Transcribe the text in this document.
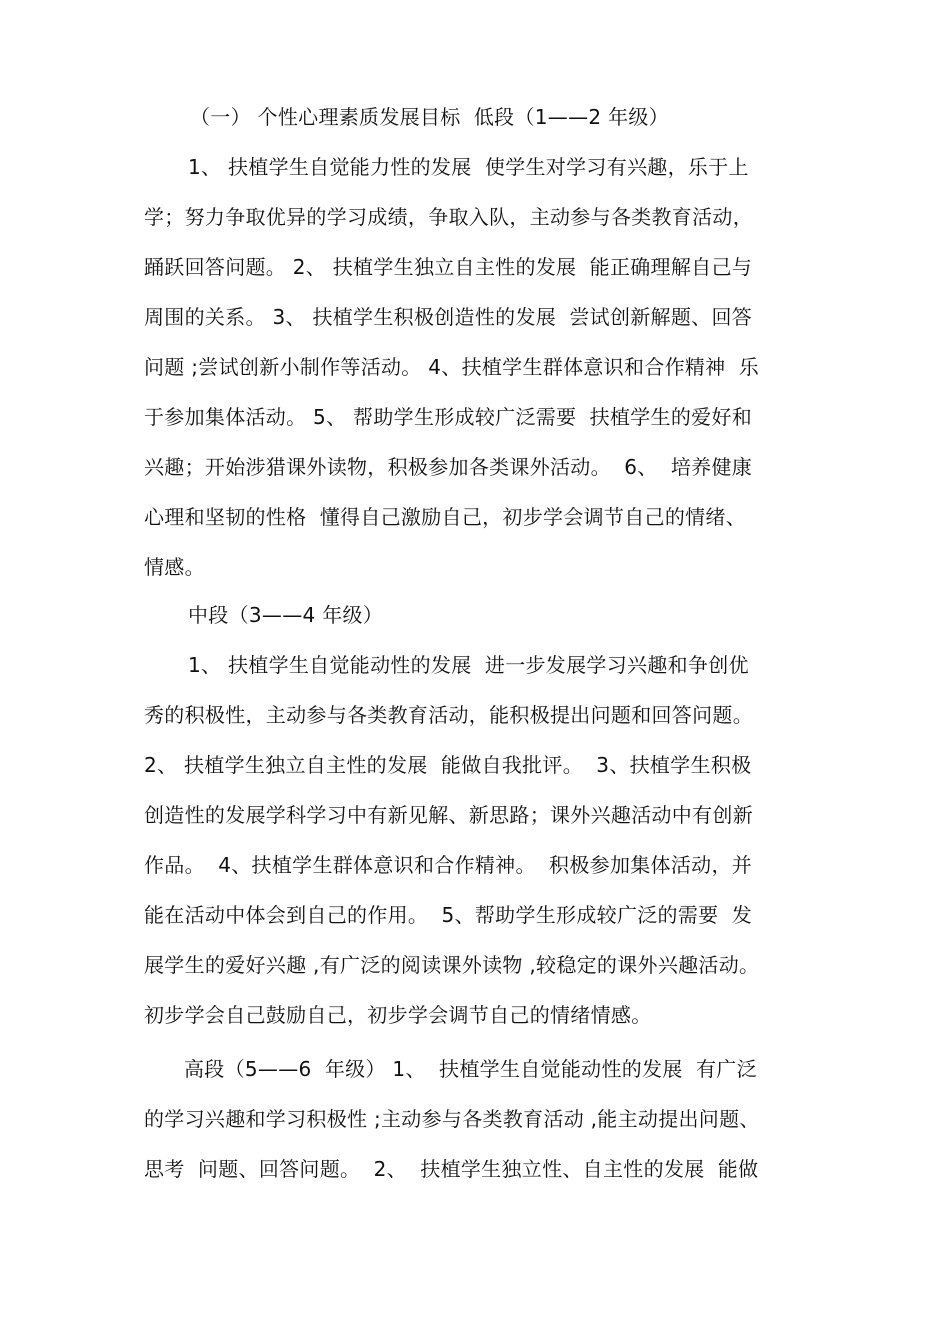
（一） 个性心理素质发展目标  低段（1——2 年级）
1、 扶植学生自觉能力性的发展  使学生对学习有兴趣，乐于上
学；努力争取优异的学习成绩，争取入队，主动参与各类教育活动，
踊跃回答问题。 2、 扶植学生独立自主性的发展  能正确理解自己与
周围的关系。 3、 扶植学生积极创造性的发展  尝试创新解题、回答
问题 ;尝试创新小制作等活动。 4、扶植学生群体意识和合作精神  乐
于参加集体活动。 5、 帮助学生形成较广泛需要  扶植学生的爱好和
兴趣；开始涉猎课外读物，积极参加各类课外活动。  6、  培养健康
心理和坚韧的性格  懂得自己激励自己，初步学会调节自己的情绪、
情感。
中段（3——4 年级）
1、 扶植学生自觉能动性的发展  进一步发展学习兴趣和争创优
秀的积极性，主动参与各类教育活动，能积极提出问题和回答问题。
2、 扶植学生独立自主性的发展  能做自我批评。  3、扶植学生积极
创造性的发展学科学习中有新见解、新思路；课外兴趣活动中有创新
作品。  4、扶植学生群体意识和合作精神。  积极参加集体活动，并
能在活动中体会到自己的作用。  5、帮助学生形成较广泛的需要  发
展学生的爱好兴趣 ,有广泛的阅读课外读物 ,较稳定的课外兴趣活动。
初步学会自己鼓励自己，初步学会调节自己的情绪情感。
高段（5——6  年级） 1、  扶植学生自觉能动性的发展  有广泛
的学习兴趣和学习积极性 ;主动参与各类教育活动 ,能主动提出问题、
思考  问题、回答问题。  2、  扶植学生独立性、自主性的发展  能做
